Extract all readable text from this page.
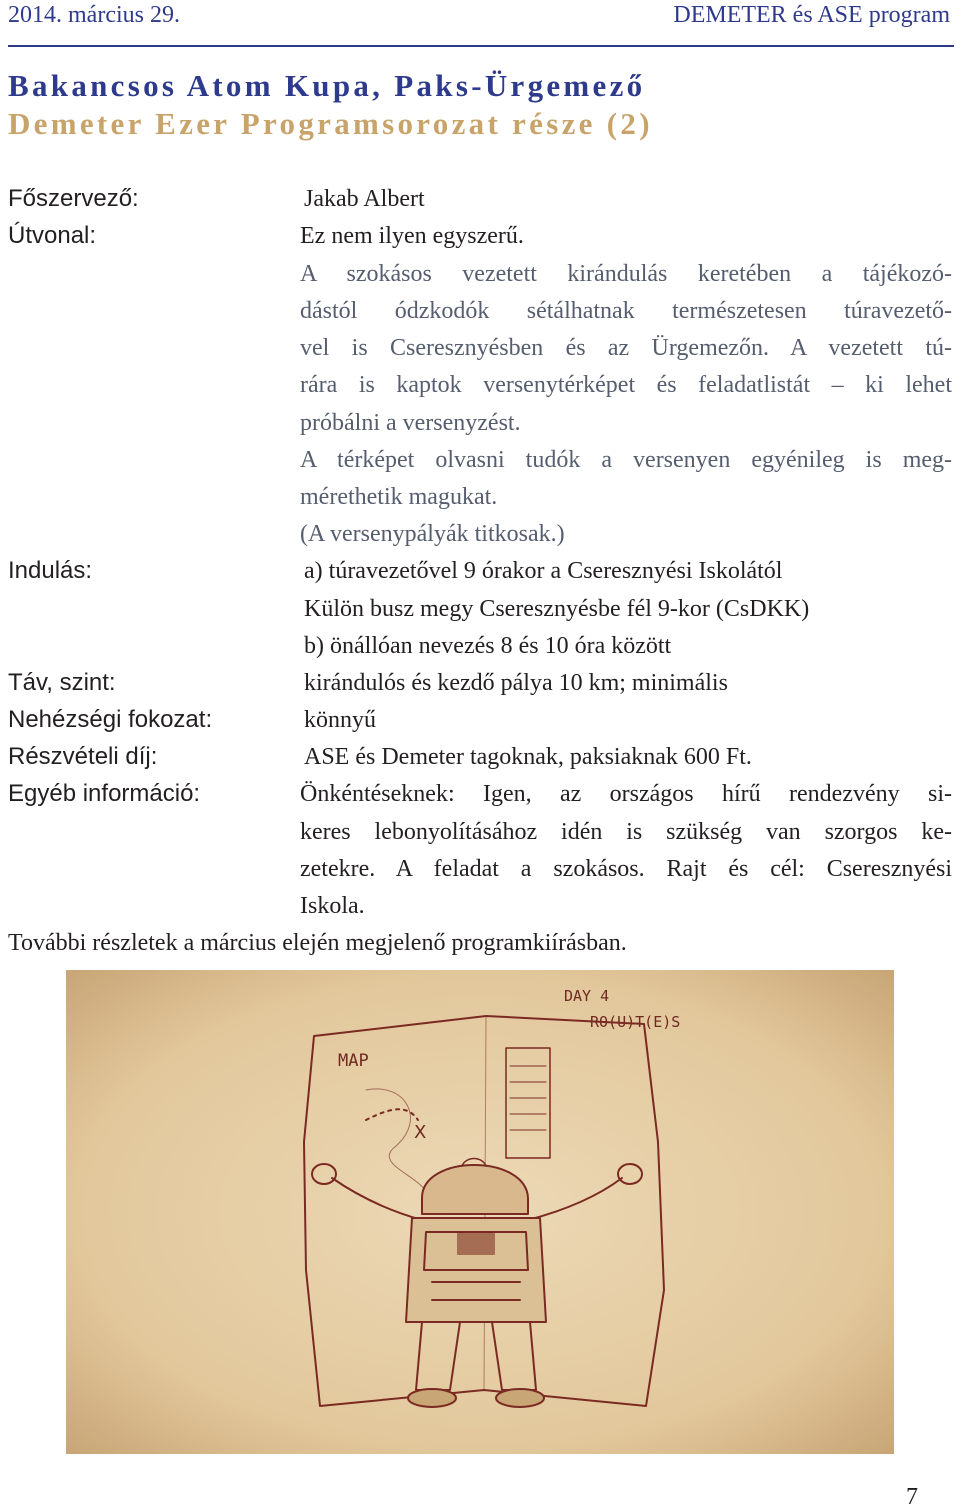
2014. március 29.	DEMETER és ASE program
Bakancsos Atom Kupa, Paks-Ürgemező
Demeter Ezer Programsorozat része (2)
Főszervező:
Útvonal:
Indulás:
Táv, szint:
Nehézségi fokozat:
Részvételi díj:
Egyéb információ:
Jakab Albert
Ez nem ilyen egyszerű.
A szokásos vezetett kirándulás keretében a tájékozó-
dástól ódzkodók sétálhatnak természetesen túravezető-
vel is Cseresznyésben és az Ürgemezőn. A vezetett tú-
rára is kaptok versenytérképet és feladatlistát – ki lehet
próbálni a versenyzést.
A térképet olvasni tudók a versenyen egyénileg is meg-
mérethetik magukat.
(A versenypályák titkosak.)
a) túravezetővel 9 órakor a Cseresznyési Iskolától
Külön busz megy Cseresznyésbe fél 9-kor (CsDKK)
b) önállóan nevezés 8 és 10 óra között
kirándulós és kezdő pálya 10 km; minimális
könnyű
ASE és Demeter tagoknak, paksiaknak 600 Ft.
Önkéntéseknek: Igen, az országos hírű rendezvény si-
keres lebonyolításához idén is szükség van szorgos ke-
zetekre. A feladat a szokásos. Rajt és cél: Cseresznyési
Iskola.
További részletek a március elején megjelenő programkiírásban.
DAY 4
RO(U)T(E)S
MAP
X
7
